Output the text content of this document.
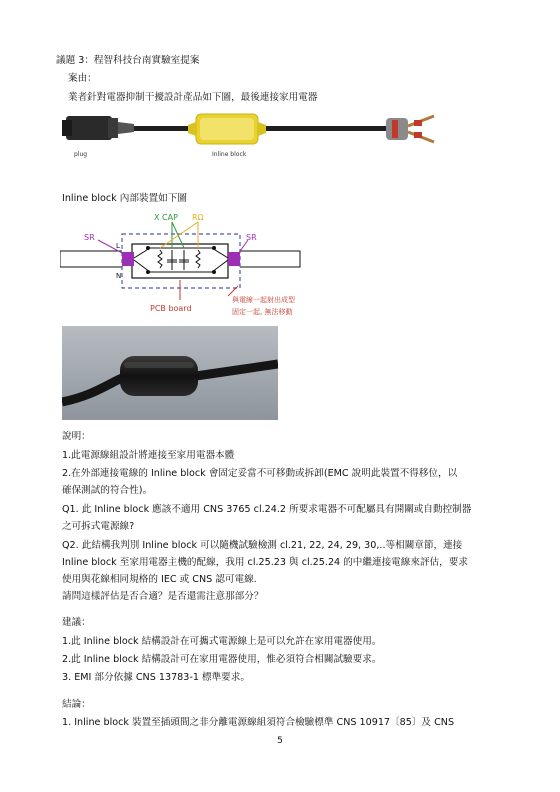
議題 3：程智科技台南實驗室提案
案由：
業者針對電器抑制干擾設計產品如下圖，最後連接家用電器
plug	Inline block
Inline block 內部裝置如下圖
X CAP RΩ
SR	SR
L
N
PCB board
與電線一起射出成型
固定一起, 無法移動
說明：
1.此電源線組設計將連接至家用電器本體
2.在外部連接電線的 Inline block 會固定妥當不可移動或拆卸(EMC 說明此裝置不得移位，以
確保測試的符合性)。
Q1. 此 Inline block 應該不適用 CNS 3765 cl.24.2 所要求電器不可配屬具有開關或自動控制器
之可拆式電源線?
Q2. 此結構我判別 Inline block 可以隨機試驗檢測 cl.21, 22, 24, 29, 30,..等相關章節，連接
Inline block 至家用電器主機的配線，我用 cl.25.23 與 cl.25.24 的中繼連接電線來評估，要求
使用與花線相同規格的 IEC 或 CNS 認可電線.
請問這樣評估是否合適？是否還需注意那部分？
建議：
1.此 Inline block 結構設計在可攜式電源線上是可以允許在家用電器使用。
2.此 Inline block 結構設計可在家用電器使用，惟必須符合相關試驗要求。
3. EMI 部分依據 CNS 13783-1 標準要求。
結論：
1. Inline block 裝置至插頭間之非分離電源線組須符合檢驗標準 CNS 10917〔85〕及 CNS
5
